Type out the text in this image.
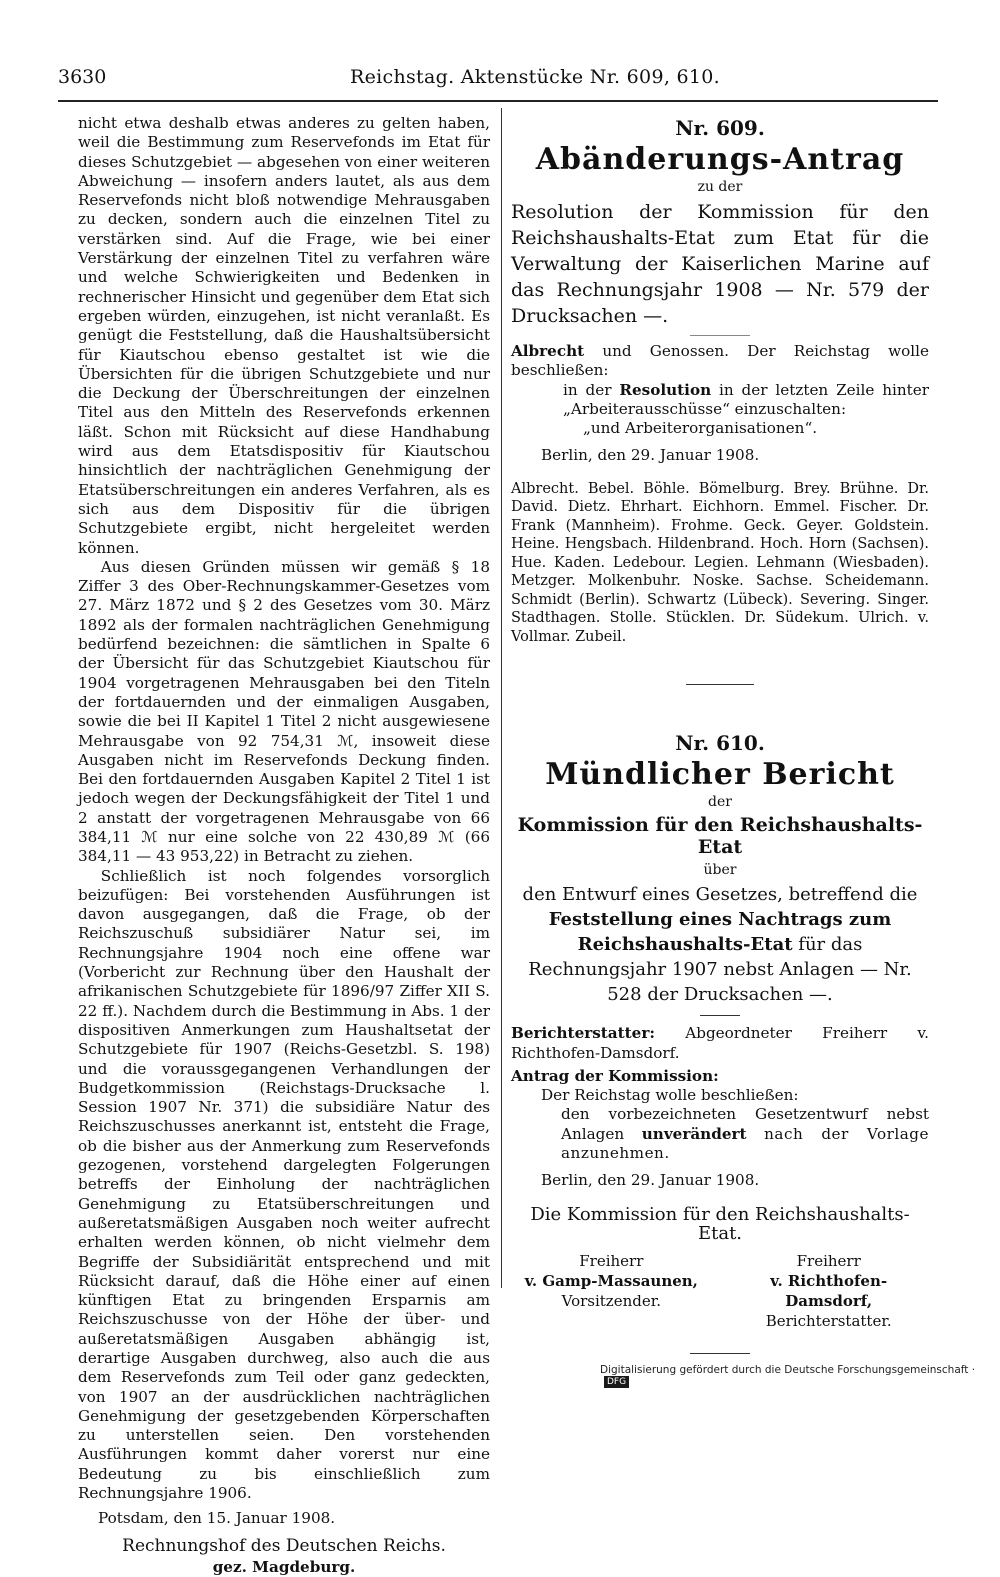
3630	Reichstag. Aktenstücke Nr. 609, 610.

nicht etwa deshalb etwas anderes zu gelten haben, weil die Bestimmung zum Reservefonds im Etat für dieses Schutzgebiet — abgesehen von einer weiteren Abweichung — insofern anders lautet, als aus dem Reservefonds nicht bloß notwendige Mehrausgaben zu decken, sondern auch die einzelnen Titel zu verstärken sind. Auf die Frage, wie bei einer Verstärkung der einzelnen Titel zu verfahren wäre und welche Schwierigkeiten und Bedenken in rechnerischer Hinsicht und gegenüber dem Etat sich ergeben würden, einzugehen, ist nicht veranlaßt. Es genügt die Feststellung, daß die Haushaltsübersicht für Kiautschou ebenso gestaltet ist wie die Übersichten für die übrigen Schutzgebiete und nur die Deckung der Überschreitungen der einzelnen Titel aus den Mitteln des Reservefonds erkennen läßt. Schon mit Rücksicht auf diese Handhabung wird aus dem Etatsdispositiv für Kiautschou hinsichtlich der nachträglichen Genehmigung der Etatsüberschreitungen ein anderes Verfahren, als es sich aus dem Dispositiv für die übrigen Schutzgebiete ergibt, nicht hergeleitet werden können.

Aus diesen Gründen müssen wir gemäß § 18 Ziffer 3 des Ober-Rechnungskammer-Gesetzes vom 27. März 1872 und § 2 des Gesetzes vom 30. März 1892 als der formalen nachträglichen Genehmigung bedürfend bezeichnen: die sämtlichen in Spalte 6 der Übersicht für das Schutzgebiet Kiautschou für 1904 vorgetragenen Mehrausgaben bei den Titeln der fortdauernden und der einmaligen Ausgaben, sowie die bei II Kapitel 1 Titel 2 nicht ausgewiesene Mehrausgabe von 92 754,31 ℳ, insoweit diese Ausgaben nicht im Reservefonds Deckung finden. Bei den fortdauernden Ausgaben Kapitel 2 Titel 1 ist jedoch wegen der Deckungsfähigkeit der Titel 1 und 2 anstatt der vorgetragenen Mehrausgabe von 66 384,11 ℳ nur eine solche von 22 430,89 ℳ (66 384,11 — 43 953,22) in Betracht zu ziehen.

Schließlich ist noch folgendes vorsorglich beizufügen: Bei vorstehenden Ausführungen ist davon ausgegangen, daß die Frage, ob der Reichszuschuß subsidiärer Natur sei, im Rechnungsjahre 1904 noch eine offene war (Vorbericht zur Rechnung über den Haushalt der afrikanischen Schutzgebiete für 1896/97 Ziffer XII S. 22 ff.). Nachdem durch die Bestimmung in Abs. 1 der dispositiven Anmerkungen zum Haushaltsetat der Schutzgebiete für 1907 (Reichs-Gesetzbl. S. 198) und die voraussgegangenen Verhandlungen der Budgetkommission (Reichstags-Drucksache l. Session 1907 Nr. 371) die subsidiäre Natur des Reichszuschusses anerkannt ist, entsteht die Frage, ob die bisher aus der Anmerkung zum Reservefonds gezogenen, vorstehend dargelegten Folgerungen betreffs der Einholung der nachträglichen Genehmigung zu Etatsüberschreitungen und außeretatsmäßigen Ausgaben noch weiter aufrecht erhalten werden können, ob nicht vielmehr dem Begriffe der Subsidiärität entsprechend und mit Rücksicht darauf, daß die Höhe einer auf einen künftigen Etat zu bringenden Ersparnis am Reichszuschusse von der Höhe der über- und außeretatsmäßigen Ausgaben abhängig ist, derartige Ausgaben durchweg, also auch die aus dem Reservefonds zum Teil oder ganz gedeckten, von 1907 an der ausdrücklichen nachträglichen Genehmigung der gesetzgebenden Körperschaften zu unterstellen seien. Den vorstehenden Ausführungen kommt daher vorerst nur eine Bedeutung zu bis einschließlich zum Rechnungsjahre 1906.

Potsdam, den 15. Januar 1908.

Rechnungshof des Deutschen Reichs.

gez. Magdeburg.

Nr. 609.

Abänderungs-Antrag

zu der

Resolution der Kommission für den Reichshaushalts-Etat zum Etat für die Verwaltung der Kaiserlichen Marine auf das Rechnungsjahr 1908 — Nr. 579 der Drucksachen —.

Albrecht und Genossen. Der Reichstag wolle beschließen:

in der Resolution in der letzten Zeile hinter „Arbeiterausschüsse“ einzuschalten:

„und Arbeiterorganisationen“.

Berlin, den 29. Januar 1908.

Albrecht. Bebel. Böhle. Bömelburg. Brey. Brühne. Dr. David. Dietz. Ehrhart. Eichhorn. Emmel. Fischer. Dr. Frank (Mannheim). Frohme. Geck. Geyer. Goldstein. Heine. Hengsbach. Hildenbrand. Hoch. Horn (Sachsen). Hue. Kaden. Ledebour. Legien. Lehmann (Wiesbaden). Metzger. Molkenbuhr. Noske. Sachse. Scheidemann. Schmidt (Berlin). Schwartz (Lübeck). Severing. Singer. Stadthagen. Stolle. Stücklen. Dr. Südekum. Ulrich. v. Vollmar. Zubeil.

Nr. 610.

Mündlicher Bericht

der

Kommission für den Reichshaushalts-Etat

über

den Entwurf eines Gesetzes, betreffend die Feststellung eines Nachtrags zum Reichshaushalts-Etat für das Rechnungsjahr 1907 nebst Anlagen — Nr. 528 der Drucksachen —.

Berichterstatter: Abgeordneter Freiherr v. Richthofen-Damsdorf.

Antrag der Kommission:

Der Reichstag wolle beschließen:

den vorbezeichneten Gesetzentwurf nebst Anlagen unverändert nach der Vorlage anzunehmen.

Berlin, den 29. Januar 1908.

Die Kommission für den Reichshaushalts-Etat.

Freiherr
v. Gamp-Massaunen,
Vorsitzender.
Freiherr
v. Richthofen-Damsdorf,
Berichterstatter.
Digitalisierung gefördert durch die Deutsche Forschungsgemeinschaft · DFG
